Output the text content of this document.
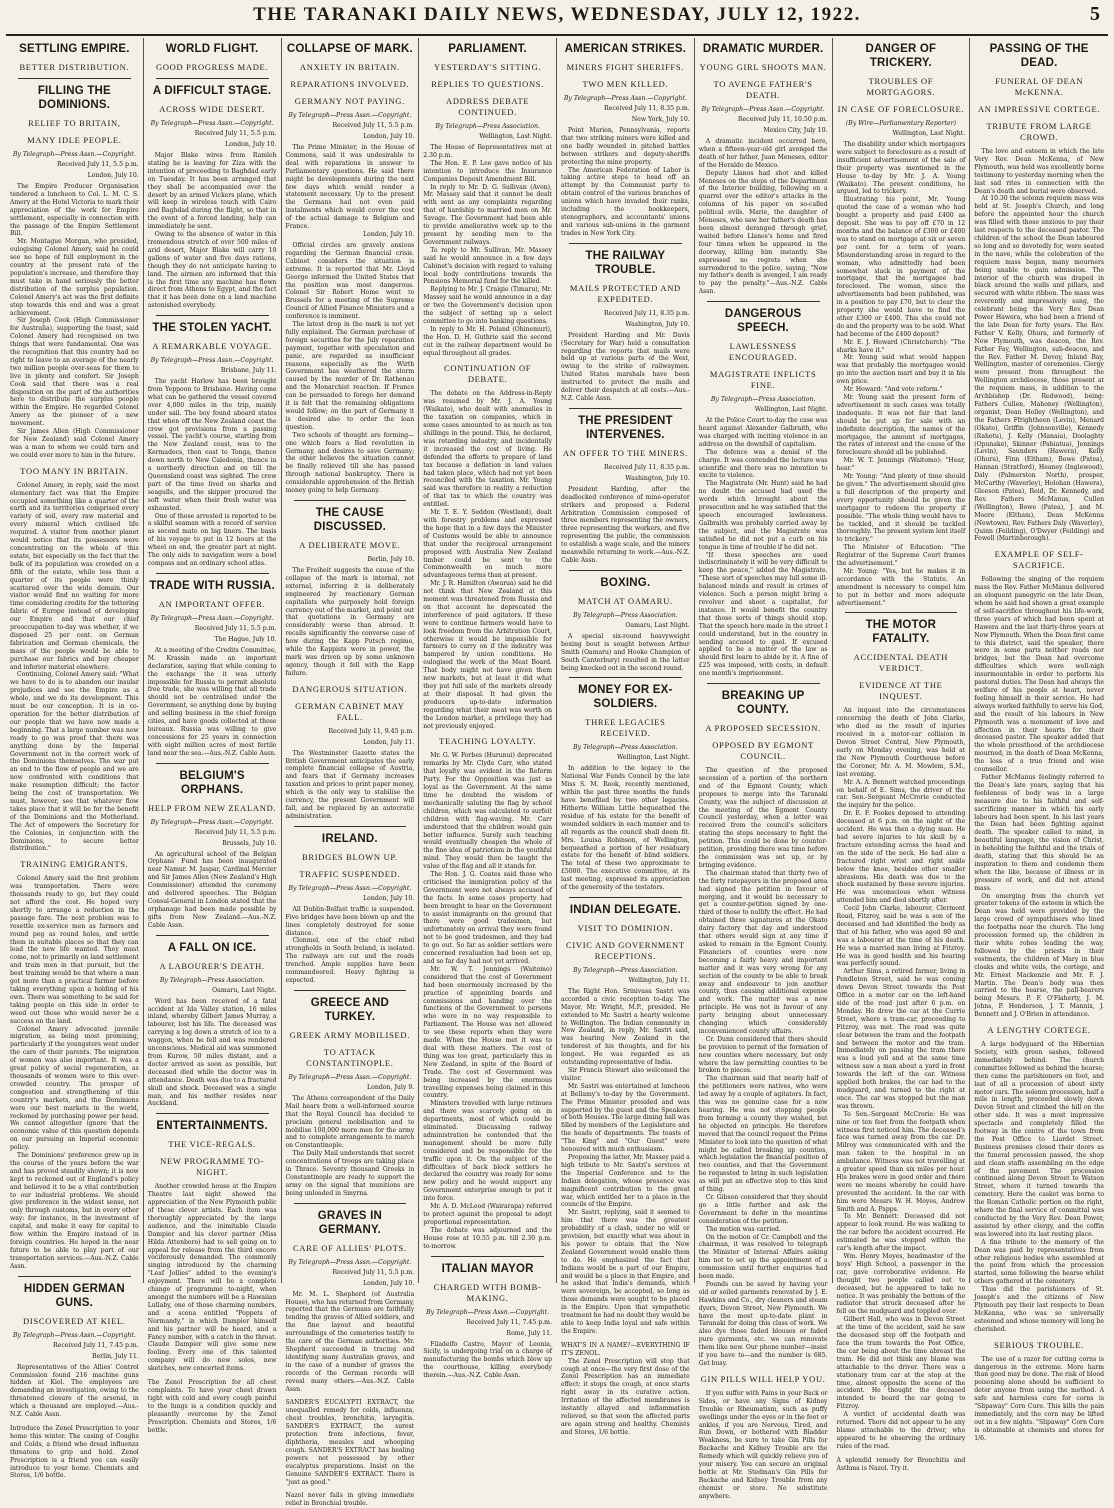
THE TARANAKI DAILY NEWS, WEDNESDAY, JULY 12, 1922.	5
SETTLING EMPIRE.
BETTER DISTRIBUTION.
FILLING THE DOMINIONS.
RELIEF TO BRITAIN,
MANY IDLE PEOPLE.
By Telegraph—Press Assn.—Copyright.
Received July 11, 5.5 p.m.
London, July 10.
The Empire Producer Organisation tendered a luncheon to Col. L. M. C. S. Amery at the Hotel Victoria to mark their appreciation of the work for Empire settlement, especially in connection with the passage of the Empire Settlement Bill.
Mr. Montague Morgan, who presided, eulogising Colonel Amery, said he could see no hope of full employment in the country at the present rate of the population's increase, and therefore they must take in hand seriously the better distribution of the surplus population. Colonel Amery's act was the first definite step towards this end and was a great achievement.
Sir Joseph Cook (High Commissioner for Australia), supporting the toast, said Colonel Amery had recognised on two things that were fundamental. One was the recognition that this country had no right to leave to an average of the nearly two million people over-seas for them to live in plenty and comfort. Sir Joseph Cook said that there was a real disposition on the part of the authorities here to distribute the surplus people within the Empire. He regarded Colonel Amery as the pioneer of a new movement.
Sir James Allen (High Commissioner for New Zealand) said Colonel Amery was a man to whom we could turn and we could ever more to him in the future.
TOO MANY IN BRITAIN.
Colonel Amery, in reply, said the most elementary fact was that the Empire occupied something like a quarter of the earth and its territories comprised every variety of soil, every raw material and every mineral which civilised life required. A visitor from another planet would notice that its possessors were concentrating on the whole of this estate, but especially on the fact that the bulk of its population was crowded on a fifth of the estate, while less than a quarter of its people were thinly scattered over the wide domain. Our visitor would find no waiting for more time considering credits for the tottering fabric of Europe instead of developing our Empire and that our chief preoccupation to-day was whether, if we disposed 25 per cent. on German fabrication and German chemicals, the mass of the people would be able to purchase our fabrics and buy cheaper and inferior material elsewhere.
Continuing, Colonel Amery said: "What we have to do is to abandon our insular prejudices and see the Empire as a whole, and we do its development. This must be our conception. It is in co-operation for the better distribution of our people that we have now made a beginning. That a large number was now ready to go was proof that there was anything done by the Imperial Government not in the correct work of the Dominions themselves. The war put an end to the flow of people and we are now confronted with conditions that make resumption difficult; the factor being the cost of transportation. We must, however, see that whatever flow takes place that it will be for the benefit of the Dominions and the Motherland. The Act of empowers the Secretary for the Colonies, in conjunction with the Dominions, to secure better distribution."
TRAINING EMIGRANTS.
Colonel Amery said the first problem was transportation. There were thousands ready to go, but they could not afford the cost. He hoped very shortly to arrange a reduction in the passage fare. The next problem was to resettle ex-service men as farmers and round peg as round holes, and settle them in suitable places so that they can lead the new life wanted. They must come, not to primarily on land settlement and train men in that pursuit, but the best training would be that where a man got more than a practical farmer before taking everything upon a holding of his own. There was something to be said for taking people on this side in order to weed out those who would never be a success on the land.
Colonel Amery advocated juvenile migration, as being most promising, particularly if the youngsters went under the care of their parents. The migration of women was also important. It was a great policy of social regeneration, as thousands of women were to this over-crowded country. The prosper of congestion and strengthening of this country's markets, and the Dominions were our best markets in the world, reckoned by purchasing power per head. We cannot altogether ignore that the economic value of this question depends on our pursuing an Imperial economic policy.
The Dominions' preference grew up in the course of the years before the war and has proved steadily shown; it is now kept to reckoned out of England's policy and believed it to be a vital contribution to our industrial problems. We should give preference in the widest sense, not only through customs, but in every other way: for instance, in the investment of capital, and make it easy for capital to flow within the Empire instead of in foreign countries. He hoped in the near future to be able to play part of our transportation services.—Aus.-N.Z. Cable Assn.
HIDDEN GERMAN GUNS.
DISCOVERED AT KIEL.
By Telegraph—Press Assn.—Copyright.
Received July 11, 7.45 p.m.
Berlin, July 11.
Representatives of the Allies' Control Commission found 216 machine guns hidden at Kiel. The employees are demanding an investigation, owing to the threatened closure of the arsenal, in which a thousand are employed.—Aus.-N.Z. Cable Assn.
Introduce the Zenol Prescription to your home this winter. The casing of Coughs and Colds, a friend who dread influenza threatens to grip and hold. Zenol Prescription is a friend you can easily introduce to your home. Chemists and Stores, 1/6 bottle.
WORLD FLIGHT.
GOOD PROGRESS MADE.
A DIFFICULT STAGE.
ACROSS WIDE DESERT.
By Telegraph—Press Assn.—Copyright.
Received July 11, 5.5 p.m.
London, July 10.
Major Blake wires from Ramleh stating he is leaving for Ziza with the intention of proceeding to Baghdad early on Tuesday. It has been arranged that they shall be accompanied over the desert by an armed Vickers plane, which will keep in wireless touch with Cairo and Baghdad during the flight, so that in the event of a forced landing, help can immediately be sent.
Owing to the absence of water in this tremendous stretch of over 500 miles of arid desert, Major Blake will carry 10 gallons of water and five days rations, though they do not anticipate having to land. The airmen are informed that this is the first time any machine has flown direct from Athens to Egypt, and the fact that it has been done on a land machine astonished everybody.
THE STOLEN YACHT.
A REMARKABLE VOYAGE.
By Telegraph—Press Assn.—Copyright.
Brisbane, July 11.
The yacht Harlow has been brought from Yeppoon to Brisbane. Having come what can be gathered the vessel covered over 4,000 miles in the trip, mainly under sail. The boy found aboard states that when off the New Zealand coast the crew got provisions from a passing vessel. The yacht's course, starting from the New Zealand coast, was to the Kermadecs, then east to Tonga, thence down north to New Caledonia, thence in a northerly direction and on till the Queensland coast was sighted. The crew part of the time lived on sharks and seagulls, and the skipper procured the soft water when their fresh water was exhausted.
One of those arrested is reported to be a skilful seaman with a record of service as second mate on big liners. The basis of his voyage to put in 12 hours at the wheel on end, the greater part at night. The only aids to navigation were a bowl compass and an ordinary school atlas.
TRADE WITH RUSSIA.
AN IMPORTANT OFFER.
By Telegraph—Press Assn.—Copyright.
Received July 11, 5.5 p.m.
The Hague, July 10.
At a meeting of the Credits Committee, M. Krassin made an important declaration, saying that while coming to the exchange the it was utterly impossible for Russia to permit absolute free trade, she was willing that all trade should not be centralised under the Government, so anything done by buying and selling business in the chief foreign cities, and have goods collected at those bureaux. Russia was willing to give concessions for 25 years in connection with eight million acres of most fertile land near the sea.—Aus.-N.Z. Cable Assn.
BELGIUM'S ORPHANS.
HELP FROM NEW ZEALAND.
By Telegraph—Press Assn.—Copyright.
Received July 11, 5.5 p.m.
Brussels, July 10.
An agricultural school of the Belgian Orphans' Fund has been inaugurated near Namur. M. Jaspar, Cardinal Mercier and Sir James Allen (New Zealand's High Commissioner) attended the ceremony and delivered speeches. The Belgian Consul-General in London stated that the orphanage had been made possible by gifts from New Zealand.—Aus.-N.Z. Cable Assn.
A FALL ON ICE.
A LABOURER'S DEATH.
By Telegraph—Press Association.
Oamaru, Last Night.
Word has been received of a fatal accident at Ida Valley station, 16 miles inland, whereby Gilbert James Murray, a labourer, lost his life. The deceased was carrying a log down a stretch of ice to a waggon, when he fell and was rendered unconscious. Medical aid was summoned from Kurow, 50 miles distant, and a doctor arrived as soon as possible, but deceased died while the doctor was in attendance. Death was due to a fractured skull and shock. Deceased was a single man, and his mother resides near Auckland.
ENTERTAINMENTS.
THE VICE-REGALS.
NEW PROGRAMME TO-NIGHT.
Another crowded house at the Empire Theatre last night showed the appreciation of the New Plymouth public of these clever artists. Each item was thoroughly appreciated by the large audience, and the inimitable Claude Dampier and his clever partner (Miss Hilda Attenboro) had to sell going on to appeal for release from the third encore vociferously demanded. The commonly singing introduced by the charming "Leaf Jollies" added to the evening's enjoyment. There will be a complete change of programme to-night, when amongst the numbers will be a Hawaiian Lullaby, one of those charming numbers, and a scena entitled "Poppets of Normandy," in which Dampier himself and his partner will be heard, and a Fancy number, with a catch in the throat. Claude Dampier will give some new fooling. Every one of this talented company will do new solos, new sketches, new concerted items.
The Zenol Prescription for all chest complaints. To have your chest drawn tight with cold and every cough painful to the lungs is a condition quickly and pleasantly overcome by the Zenol Prescription. Chemists and Stores, 1/6 bottle.
COLLAPSE OF MARK.
ANXIETY IN BRITAIN.
REPARATIONS INVOLVED.
GERMANY NOT PAYING.
By Telegraph—Press Assn.—Copyright.
Received July 11, 5.5 p.m.
London, July 10.
The Prime Minister, in the House of Commons, said it was undesirable to deal with reparations in answer to Parliamentary questions. He said there might be developments during the next few days which would render a statement necessary. Up to the present the Germans had not even paid instalments which would cover the cost of the actual damage to Belgium and France.
London, July 10.
Official circles are gravely anxious regarding the German financial crisis. Cabinet considers the situation is extreme. It is reported that Mr. Lloyd George informed the United States that the position was most dangerous. Colonel Sir Robert Home went to Brussels for a meeting of the Supreme Council of Allied Finance Ministers and a conference is imminent.
The latest drop in the mark is not yet fully explained. The German purchase of foreign securities for the July reparation payment, together with speculation and panic, are regarded as insufficient reasons, especially as the Wirth Government has weathered the storm caused by the murder of Dr. Rathenau and the Monarchist reaction. If France can be persuaded to forego her demand it is felt that the remaining obligations would follow; on the part of Germany it is desired also to order the loan question.
Two schools of thought are forming—one which fears a Red revolution in Germany, and desires to save Germany; the other believes the situation cannot be finally relieved till she has passed through national bankruptcy. There is considerable apprehension of the British money going to help Germany.
THE CAUSE DISCUSSED.
A DELIBERATE MOVE.
Berlin, July 10.
The Freiheit suggests the cause of the collapse of the mark is internal, not external, inferring it is deliberately engineered by reactionary German capitalists who purposely hold foreign currency out of the market, and point out that quotations in Germany are considerably worse than abroad. It recalls significantly the converse case of how during the Kapp Putsch regime, while the Kappists were in power, the mark was driven up by some unknown agency, though it fell with the Kapp failure.
DANGEROUS SITUATION.
GERMAN CABINET MAY FALL.
Received July 11, 9.45 p.m.
London, July 11.
The Westminster Gazette states the British Government anticipates the early complete financial collapse of Austria, and fears that if Germany increases taxation and prices to print paper money, which is the only way to stabilise the currency, the present Government will fall, and be replaced by an autocratic administration.
IRELAND.
BRIDGES BLOWN UP.
TRAFFIC SUSPENDED.
By Telegraph—Press Assn.—Copyright.
London, July 10.
All Dublin-Belfast traffic is suspended. Five bridges have been blown up and the lines completely destroyed for some distance.
Clonmel, one of the chief rebel strongholds in South Ireland, is isolated. The railways are cut and the roads trenched. Ample supplies have been commandeered. Heavy fighting is expected.
GREECE AND TURKEY.
GREEK ARMY MOBILISED.
TO ATTACK CONSTANTINOPLE.
By Telegraph—Press Assn.—Copyright.
London, July 9.
The Athens correspondent of the Daily Mail hears from a well-informed source that the Royal Council has decided to proclaim general mobilisation and to mobilise 100,000 more men for the army and to complete arrangements to march on Constantinople.
The Daily Mail understands that secret concentrations of troops are taking place in Thrace. Seventy thousand Greeks in Constantinople are ready to support the army on the signal that munitions are being unloaded in Smyrna.
GRAVES IN GERMANY.
CARE OF ALLIES' PLOTS.
By Telegraph—Press Assn.—Copyright.
Received July 11, 5.5 p.m.
London, July 10.
Mr. M. L. Shepherd (of Australia House), who has returned from Germany, reported that the Germans are faithfully tending the graves of Allied soldiers, and the fine layout and beautiful surroundings of the cemeteries testify to the care of the German authorities. Mr. Shepherd succeeded in tracing and identifying many Australian graves, and in the case of a number of graves the records of the German records will reveal many others.—Aus.-N.Z. Cable Assn.
SANDER'S EUCALYPTI EXTRACT, the unequalled remedy for colds, influenza, chest troubles, bronchitis, laryngitis. SANDER'S EXTRACT, the surest protection from infections, fever, diphtheria, measles and whooping cough. SANDER'S EXTRACT has healing powers not possessed by other eucalyptus preparations. Insist on the Genuine SANDER'S EXTRACT. There is "just as good."
Nazol never fails in giving immediate relief in Bronchial trouble.
PARLIAMENT.
YESTERDAY'S SITTING.
REPLIES TO QUESTIONS.
ADDRESS DEBATE CONTINUED.
By Telegraph—Press Association.
Wellington, Last Night.
The House of Representatives met at 2.30 p.m.
The Hon. E. P. Lee gave notice of his intention to introduce the Insurance Companies Deposit Amendment Bill.
In reply to Mr. D. G. Sullivan (Avon), Mr. Massey said that it cannot be dealt with sent as any complaints regarding that of hardship to married men on Mr. Savage. The Government had been able to provide ameliorative work up to the present by sending men to the Government railways.
To reply to Mr. Sullivan, Mr. Massey said he would announce in a few days Cabinet's decision with regard to valuing local body contributions towards the Pensions Memorial fund for the killed.
Replying to Mr. J. Craigie (Timaru), Mr. Massey said he would announce in a day or two the Government's decision upon the subject of setting up a select committee to go into banking questions.
In reply to Mr. H. Poland (Ohinemuri), the Hon. D. H. Guthrie said the second cut in the railway department would be equal throughout all grades.
CONTINUATION OF DEBATE.
The debate on the Address-in-Reply was resumed by Mr. J. A. Young (Waikato), who dealt with anomalies in the taxation on companies, which in some cases amounted to as much as ten shillings in the pound. This, he declared, was retarding industry, and incidentally it increased the cost of living. He defended the efforts to prepare of land tax because a deflation in land values had taken place, which had not yet been reconciled with the taxation. Mr. Young said was therefore in reality a reduction of that tax to which the country was entitled.
Mr. T. E. Y. Seddon (Westland), dealt with forestry problems and expressed the hope that in a few days the Minister of Customs would be able to announce that under the reciprocal arrangement proposed with Australia New Zealand timber could be sent to the Commonwealth on much more advantageous terms than at present.
Mr. J. R. Hamilton (Awarua) said he did not think that New Zealand at this moment was threatened from Russia and on that account he deprecated the interference of paid agitators. If these were to continue farmers would have to look freedom from the Arbitration Court, otherwise it would be impossible for farmers to carry on if the industry was hampered by union conditions. He eulogised the work of the Meat Board. That body might not have given them new markets, but at least it did what they put full sale of the markets already at their disposal. It had given the producers up-to-date information regarding what their meat was worth on the London market, a privilege they had not previously enjoyed.
TEACHING LOYALTY.
Mr. G. W. Forbes (Hurunui) deprecated remarks by Mr. Clyde Carr, who stated that loyalty was evident in the Reform Party. For the Opposition was just as loyal as the Government. At the same time he doubted the wisdom of mechanically saluting the flag by school children, which was calculated to surfeit children with flag-waving. Mr. Carr understood that the children would gain better influence. Surely such teaching would eventually cheapen the whole of the fine idea of patriotism in the youthful mind. They would then be taught the value of the flag and all it stands for.
The Hon. J. G. Coates said those who criticised the immigration policy of the Government were not always accused of the facts. In some cases property had been brought to bear on the Government to assist immigrants on the ground that there were good tradesmen, but unfortunately on arrival they were found not to be good tradesmen, and they had to go out. So far as soldier settlers were concerned revaluation had been set up, and so far day had not yet arrived.
Mr. W. T. Jennings (Waitomo) considered that the cost of Government had been enormously increased by the practice of appointing boards and commissions and handing over the functions of the Government to persons who were in no way responsible to Parliament. The House was not allowed to see these reports when they were made. When the House met it was to deal with these matters. The cost of thing was too great, particularly this in New Zealand, in spite of the Board of Trade. The cost of Government was being increased by the enormous travelling expenses being claimed in this country.
Ministers travelled with large retinues and there was scarcely going on in departments, most of which could be eliminated. Discussing railway administration he contended that the management should be more fully considered and be responsible for the traffic upon it. On the subject of the difficulties of back block settlers he declared the country was ready for some new policy and he would support any Government enterprise enough to put it into force.
Mr. A. D. McLeod (Wairarapa) referred to protect against the proposal to adopt proportional representation.
The debate was adjourned and the House rose at 10.55 p.m. till 2.30 p.m. to-morrow.
ITALIAN MAYOR
CHARGED WITH BOMB-MAKING.
By Telegraph—Press Assn.—Copyright.
Received July 11, 7.45 p.m.
Rome, July 11.
Filadelfo Castro, Mayor of Leonia, Sicily, is undergoing trial on a charge of manufacturing the bombs which blew up the courthouse, killing everybody therein.—Aus.-N.Z. Cable Assn.
AMERICAN STRIKES.
MINERS FIGHT SHERIFFS.
TWO MEN KILLED.
By Telegraph—Press Assn.—Copyright.
Received July 11, 8.35 p.m.
New York, July 10.
Point Marion, Pennsylvania, reports that two striking miners were killed and one badly wounded in pitched battles between strikers and deputy-sheriffs protecting the mine property.
The American Federation of Labor is taking active steps to head off an attempt by the Communist party to obtain control of the various branches of unions which have invaded their ranks, including the bookkeepers, stenographers, and accountants' unions and various sub-unions in the garment trades in New York City.
THE RAILWAY TROUBLE.
MAILS PROTECTED AND EXPEDITED.
Received July 11, 8.35 p.m.
Washington, July 10.
President Harding and Mr. Davis (Secretary for War) held a consultation regarding the reports that mails were held up at various parts of the West, owing to the strike of railwaymen. United States marshals have been instructed to protect the mails and deliver their despatch at all costs.—Aus.-N.Z. Cable Assn.
THE PRESIDENT INTERVENES.
AN OFFER TO THE MINERS.
Received July 11, 8.35 p.m.
Washington, July 10.
President Harding, after the deadlocked conference of mine-operator strikers and proposed a Federal Arbitration Commission composed of three members representing the owners, three representing the workers, and five representing the public, the commission to establish a wage scale, and the miners meanwhile returning to work.—Aus.-N.Z. Cable Assn.
BOXING.
MATCH AT OAMARU.
By Telegraph—Press Association.
Oamaru, Last Night.
A special six-round heavyweight boxing bout is sought between Arthur Smith (Oamaru) and Hooke Champion of South Canterbury) resulted in the latter being knocked out in the second round.
MONEY FOR EX-SOLDIERS.
THREE LEGACIES RECEIVED.
By Telegraph—Press Association.
Wellington, Last Night.
In addition to the legacy to the National War Funds Council by the late Miss S. M. Rook, recently mentioned, within the past three months the funds have benefited by two other legacies. Hitherto William Little bequeathed the residue of his estate for the benefit of wounded soldiers in each manner and to all regards as the council shall deem fit. Mrs. Louisa Robinson, of Wellington, bequeathed a portion of her residuary estate for the benefit of blind soldiers. The total of these two approximate to £5000. The executive committee, at its last meeting, expressed its appreciation of the generosity of the testators.
INDIAN DELEGATE.
VISIT TO DOMINION.
CIVIC AND GOVERNMENT RECEPTIONS.
By Telegraph—Press Association.
Wellington, July 11.
The Right Hon. Srinivasa Sastri was accorded a civic reception to-day. The Mayor, Mr. Wright, M.P., presided. He extended to Mr. Sastri a hearty welcome to Wellington. The Indian community in New Zealand, in reply, Mr. Sastri said, was bearing New Zealand in the tenderest of his thoughts, and for his longest. He was regarded as an outstanding representative of India.
Sir Francis Stewart also welcomed the visitor.
Mr. Sastri was entertained at luncheon at Bellamy's to-day by the Government. The Prime Minister presided and was supported by the guest and the Speakers of both Houses. The large dining hall was filled by members of the Legislature and the heads of departments. The toasts of "The King" and "Our Guest" were honoured with much enthusiasm.
Proposing the latter, Mr. Massey paid a high tribute to Mr. Sastri's services at the Imperial Conference and to the Indian delegation, whose presence was magnificent contribution to the great war, which entitled her to a place in the councils of the Empire.
Mr. Sastri, replying, said it seemed to him that there was the greatest probability of a clash, under no will or provision, but exactly what was about in his power to obtain that the New Zealand Government would enable them to do. He emphasized the fact that Indians would be a part of our Empire, and would be a place in that Empire, and he asked that India's demands, which were sovereign, be accepted, so long as those demands were sought to be placed in the Empire. Upon that sympathetic treatment he had no doubt they would be able to keep India loyal and safe within the Empire.
WHAT'S IN A NAME?—EVERYTHING IF IT'S ZENOL.
The Zenol Prescription will stop that cough at once—the very first dose of the Zenol Prescription has an immediate effect: it stops the cough, at once starts right away in its curative action. Irritation of the affected membranes is instantly allayed and inflammation relieved, so that soon the affected parts are again strong and healthy. Chemists and Stores, 1/6 bottle.
DRAMATIC MURDER.
YOUNG GIRL SHOOTS MAN.
TO AVENGE FATHER'S DEATH.
By Telegraph—Press Assn.—Copyright.
Received July 11, 10.50 p.m.
Mexico City, July 10.
A dramatic incident occurred here, when a fifteen-year-old girl avenged the death of her father, Juan Meneses, editor of the Heraldo de Mexico.
Deputy Llanos had shot and killed Meneses on the steps of the Department of the Interior building, following on a quarrel over the editor's attacks in the columns of his paper on so-called political evils. Marie, the daughter of Meneses, who saw her father's death has been almost deranged through grief, waited before Llanos's home and fired four times when he appeared in the doorway, killing him instantly. She expressed no regrets when she surrendered to the police, saying, "Now my father's death is avenged, I am ready to pay the penalty."—Aus.-N.Z. Cable Assn.
DANGEROUS SPEECH.
LAWLESSNESS ENCOURAGED.
MAGISTRATE INFLICTS FINE.
By Telegraph—Press Association.
Wellington, Last Night.
At the Police Court to-day the case was heard against Alexander Galbraith, who was charged with inciting violence in an address on the downfall of capitalism.
The defence was a denial of the charge. It was contended the lecture was scientific and there was no intention to excite to violence.
The Magistrate (Mr. Hunt) said he had no doubt the accused had used the words which brought about the prosecution and he was satisfied that the speech encouraged lawlessness. Galbraith was probably carried away by the subject, and the Magistrate was satisfied he did not put a curb on his tongue in time of trouble if he did not.
"If these speeches are used indiscriminately it will be very difficult to keep the peace," added the Magistrate. "These sort of speeches may lull some ill-balanced minds and result in crimes of violence. Such a person might bring a revolver and shoot a capitalist, for instance. It would benefit the country that those sorts of things should stop. That the speech here made in the street I could understand, but in the country in sending accused to gaol. If excused applied to be a matter of the law as should first learn to abide by it. A fine of £25 was imposed, with costs, in default one month's imprisonment.
BREAKING UP COUNTY.
A PROPOSED SECESSION.
OPPOSED BY EGMONT COUNCIL.
The question of the proposed secession of a portion of the northern end of the Egmont County, which proposes to merge into the Taranaki County, was the subject of discussion at the meeting of the Egmont County Council yesterday, when a letter was received from the council's solicitors stating the steps necessary to fight the petition. This could be done by counter-petition, providing there was time before the commission was set up, or by bringing evidence.
The chairman stated that thirty two of the forty ratepayers in the proposed area had signed the petition in favour of merging, and it would be necessary to get a counter-petition signed by one-third of those to nullify the effect. He had obtained three signatures at the Okato dairy factory that day and understood that others would sign at any time if asked to remain in the Egmont County. Financiers of counties were now becoming a fairly heavy and important matter and it was very wrong for any section of the county to be able to break away and endeavour to join another county, thus causing additional expense and work. The matter was a new principle. He was not in favour of any party bringing about unnecessary changing which considerably inconvenienced county affairs.
Cr. Dunn considered that there should be provision to permit of the formation of new counties where necessary, but only where the law permitting counties to be broken to pieces.
The chairman said that nearly half of the petitioners were natives, who were led away by a couple of agitators. In fact, this was no genuine case for a new hearing. He was not stopping people from forming a county they wished, but he objected on principle. He therefore moved that the council request the Prime Minister to look into the question of what might be called breaking up counties, which legislation the financial position of two counties, and that the Government be requested to bring in such legislation as will put an effective stop to this kind of thing.
Cr. Gibson considered that they should go a little further and ask the Government to defer in the meantime consideration of the petition.
The motion was carried.
On the motion of Cr. Campbell and the chairman, it was resolved to telegraph the Minister of Internal Affairs asking him not to set up the appointment of a commission until further enquiries had been made.
Pounds can be saved by having your old or soiled garments renovated by J. E. Hawkins and Co., dry cleaners and steam dyers, Devon Street, New Plymouth. We have the most up-to-date plant in Taranaki for doing this class of work. We also dye those faded blouses or faded pure garments, etc. we can renovate them like new. Our phone number—insist if you have to—and the number is 685. Get busy.
GIN PILLS WILL HELP YOU.
If you suffer with Pains in your Back or Sides, or have any Signs of Kidney Trouble or Rheumatism, such as puffy swellings under the eyes or in the feet or ankles, if you are Nervous, Tired, and Run Down, or bothered with Bladder Weakness, be sure to take Gin Pills for Backache and Kidney Trouble are the Remedy which will quickly relieve you of your misery. You can secure an original bottle at Mr. Stedman's Gin Pills for Backache and Kidney Trouble from any chemist or store. No substitute anywhere.
DANGER OF TRICKERY.
TROUBLES OF MORTGAGORS.
IN CASE OF FORECLOSURE.
(By Wire—Parliamentary Reporter)
Wellington, Last Night.
The disability under which mortgagors were subject to foreclosure as a result of insufficient advertisement of the sale of their property was mentioned in the House to-day by Mr. J. A. Young (Waikato). The present conditions, he argued, led to trickery.
Illustrating his point, Mr. Young quoted the case of a woman who had bought a property and paid £400 as deposit. She was to pay off £70 in 12 months and the balance of £300 or £400 was to stand on mortgage at six or seven per cent. for a term of years. Misunderstanding arose in regard to the woman, who admittedly had been somewhat slack in payment of the mortgage, that the mortgagee had foreclosed. The woman, since the advertisements had been published, was in a position to pay £70, but to clear the property she would have to find the other £300 or £400. This she could not do and the property was to be sold. What had become of the £400 deposit?
Mr. E. J. Howard (Christchurch): "The sharks have it."
Mr. Young said what would happen was that probably the mortgagee would go into the auction mart and buy it in his own price.
Mr. Howard: "And vote reform."
Mr. Young said the present form of advertisement in such cases was totally inadequate. It was not fair that land should be put up for sale with an indefinite description, the names of the mortgagee, the amount of mortgages, the rates of interest and the cause of the foreclosure should all be published.
Mr. W. T. Jennings (Waitomo): "Hear, hear."
Mr. Young: "And plenty of time should be given." The advertisement should give a full description of the property and every opportunity should be given the mortgagor to redeem the property if possible. "The whole thing would have to be tackled, and it should be tackled thoroughly. The present system lent itself to trickery."
The Minister of Education: "The Registrar of the Supreme Court frames the advertisement."
Mr. Young: "Yes, but he makes it in accordance with the Statute. An amendment is necessary to compel him to put in better and more adequate advertisement."
THE MOTOR FATALITY.
ACCIDENTAL DEATH VERDICT.
EVIDENCE AT THE INQUEST.
An inquest into the circumstances concerning the death of John Clarke, who died as the result of injuries received in a motor-car collision in Devon Street Central, New Plymouth, early on Monday evening, was held at the New Plymouth Courthouse before the Coroner, Mr. A. M. Mowlem, S.M., last evening.
Mr. A. A. Bennett watched proceedings on behalf of E. Sims, the driver of the car. Sen.-Sergeant McCrorie conducted the inquiry for the police.
Dr. E. F. Fookes deposed to attending deceased at 6 p.m. on the night of the accident. He was then a dying man. He had severe injuries to his skull by a fracture extending across the head and on the side of the neck. He had also a fractured right wrist and right ankle below the knee, besides other smaller abrasions. His death was due to the shock sustained by these severe injuries. He was unconscious when witness attended him and died shortly after.
Cecil John Clarke, labourer, Clermont Road, Fitzroy, said he was a son of the deceased and had identified the body as that of his father, who was aged 80 and was a labourer at the time of his death. He was a married man living at Fitzroy. He was in good health and his hearing was perfectly sound.
Arthur Sims, a retired farmer, living in Pendleton Street, said he was coming down Devon Street towards the Post Office in a motor car on the left-hand side of the road just after 6 p.m. on Monday. He drew the car at the Currie Street, where a tram-car, proceeding to Fitzroy, was met. The road was quite clear between the tram and the footpath and between the motor and the tram. Immediately on passing the tram there was a loud yell and at the same time witness saw a man about a yard in front towards the left of the car. Witness applied both brakes, the car had to the mudguard, and turned to the right at once. The car was stopped but the man was thrown.
To Sen.-Sergeant McCrorie: He was nine or ten feet from the footpath when witness first noticed him. The deceased's face was turned away from the car. Dr. Milroy was communicated with and the man taken to the hospital in an ambulance. Witness was not travelling at a greater speed than six miles per hour. His brakes were in good order and there were no means whereby he could have prevented the accident. In the car with him were Messrs W. H. Moyes, Andrew Smith and A. Papps.
To Mr. Bennett: Deceased did not appear to look round. He was walking to the car before the accident occurred. He estimated he was stopped within the car's length after the impact.
Wm. Henry Moyes, headmaster of the boys' High School, a passenger in the car, gave corroborative evidence. He thought two people called out to deceased, but he appeared to take no notice. It was probably the bottom of the radiator that struck deceased after he fell on the mudguard and toppled over.
Gilbert Hall, who was in Devon Street at the time of the accident, said he saw the deceased step off the footpath and face the tram towards the Post Office, the car being about the time abreast the tram. He did not think any blame was attachable to the driver. There was a stationary tram car at the stop at the time, almost opposite the scene of the accident. He thought the deceased intended to board the car going to Fitzroy.
A verdict of accidental death was returned. There did not appear to be any blame attachable to the driver, who appeared to be observing the ordinary rules of the road.
A splendid remedy for Bronchitis and Asthma is Nazol. Try it.
PASSING OF THE DEAD.
FUNERAL OF DEAN McKENNA.
AN IMPRESSIVE CORTEGE.
TRIBUTE FROM LARGE CROWD.
The love and esteem in which the late Very Rev. Dean McKenna, of New Plymouth, was held was excellently borne testimony to yesterday morning when the last sad rites in connection with the Dean's death and burial were observed.
At 10.30 the solemn requiem mass was held at St. Joseph's Church, and long before the appointed hour the church was filled with those anxious to pay their last respects to the deceased pastor. The children of the school the Dean laboured so long and so devotedly for, were seated in the nave, while the celebration of the requiem mass began, many mourners being unable to gain admission. The interior of the church was draped in black around the walls and pillars, and secured with white ribbon. The mass was reverently and impressively sung, the celebrant being the Very Rev. Dean Power Hawera, who had been a friend of the late Dean for forty years. The Rev. Father V. Kelly, Ohura, and formerly of New Plymouth, was deacon, the Rev. Father Fay, Wellington, sub-deacon, and the Rev. Father M. Devoy, Inland Bay, Wellington, master of ceremonies. Clergy were present from throughout the Wellington archdiocese, those present at the requiem mass, in addition to the Archbishop (Dr. Redwood), being: Fathers Cullen, Mahoney (Wellington), organist, Dean Holley (Wellington), and the Fathers Ffrightheen (Levin), Menard (Okato), Griffin (Johnsonville), Kennedy (Rahotu), J. Kelly (Manaia), Doolaghty (Opunake), Skinner (Pahiatua), Jennings (Levin), Saunders (Hawera), Kelly (Ohura), Finn (Eltham), Bowe (Patea), Hannan (Stratford), Heaney (Inglewood), Daly (Palmerston North), prosper, McCarthy (Waverley), Holohan (Hawera), Gleeson (Patea), Reid, Dr. Kennedy, and Rev. Fathers McManus, Cullen (Wellington), Bowe (Patea), J. and M. Moore (Eltham), Dean McKenna (Newtown), Rev. Fathers Daly (Waverley), Quinn (Feilding), O'Dwyer (Feilding) and Fowell (Martinborough).
EXAMPLE OF SELF-SACRIFICE.
Following the singing of the requiem mass the Rev. Father McManus delivered an eloquent panegyric on the late Dean, whom he said had shown a great example of self-sacrifice throughout his life-work, three years of which had been spent at Hawera and the last thirty-three years at New Plymouth. When the Dean first came to this district, said the speaker, there were in some parts neither roads nor bridges, but the Dean had overcome difficulties which were well-nigh insurmountable in order to perform his pastoral duties. The Dean had always the welfare of his people at heart, never feeling himself in their service. He had always worked faithfully to serve his God, and the result of his labours in New Plymouth was a monument of love and affection in their hearts for their deceased pastor. The speaker added that the whole priesthood of the archdiocese mourned, in the death of Dean McKenna, the loss of a true friend and wise counsellor.
Father McManus feelingly referred to the Dean's late years, saying that his feebleness of body was in a large measure due to his faithful and self-sacrificing manner in which his early labours had been spent. In his last years the Dean had been fighting against death. The speaker called to mind, in beautiful language, the vision of Christ, in beholding the faithful and the trials of death, stating that this should be an inspiration to them and condemn them when the like, because of illness or in pressure of work, and did not attend mass.
On emerging from the church yet greater tokens of the esteem in which the Dean was held were provided by the large crowd of sympathisers who lined the footpaths near the church. The long procession formed up, the children in their white robes leading the way, followed by the priests in their vestments, the children of Mary in blue cloaks and white veils, the cortège, and Mr. Ernest Mackenzie and Mr. F. J. Martin. The Dean's body was then carried to the hearse, the pall-bearers being Messrs. P. F. O'Flaherty, J. M. Johns, P. Henderson, J. T. Mannix, J. Bennett and J. O'Brien in attendance.
A LENGTHY CORTEGE.
A large bodyguard of the Hibernian Society, with green sashes, followed immediately behind. The church committee followed as behind the hearse; then came the parishioners on foot, and last of all a procession of about sixty motor cars. The solemn procession, half a mile in length, proceeded slowly down Devon Street and climbed the hill on the other side. It was a most impressive spectacle and completely filled the footway in the centre of the town from the Post Office to Liardet Street. Business premises closed their doors as the funeral procession passed, the shop and clean staffs assembling on the edge of the pavement. The procession continued along Devon Street to Watson Street, where it turned towards the cemetery. Here the casket was borne to the Roman Catholic portion on the right, where the final service of committal was conducted by the Very Rev. Dean Power, assisted by other clergy, and the coffin was lowered into its last resting place.
A fine tribute to the memory of the Dean was paid by representatives from other religious bodies who assembled at the point from which the procession started, some following the hearse whilst others gathered at the cemetery.
Thus did the parishioners of St. Joseph's and the citizens of New Plymouth pay their last respects to Dean McKenna, who was so universally esteemed and whose memory will long be cherished.
SERIOUS TROUBLE.
The use of a razor for cutting corns is dangerous in the extreme. More harm than good may be done. The risk of blood poisoning alone should be sufficient to deter anyone from using the method. A safe and harmless cure for corns is "Slipaway" Corn Cure. This kills the pain immediately, and the corn may be lifted out in a few nights. "Slipaway" Corn Cure is obtainable at chemists and stores for 1/6.
